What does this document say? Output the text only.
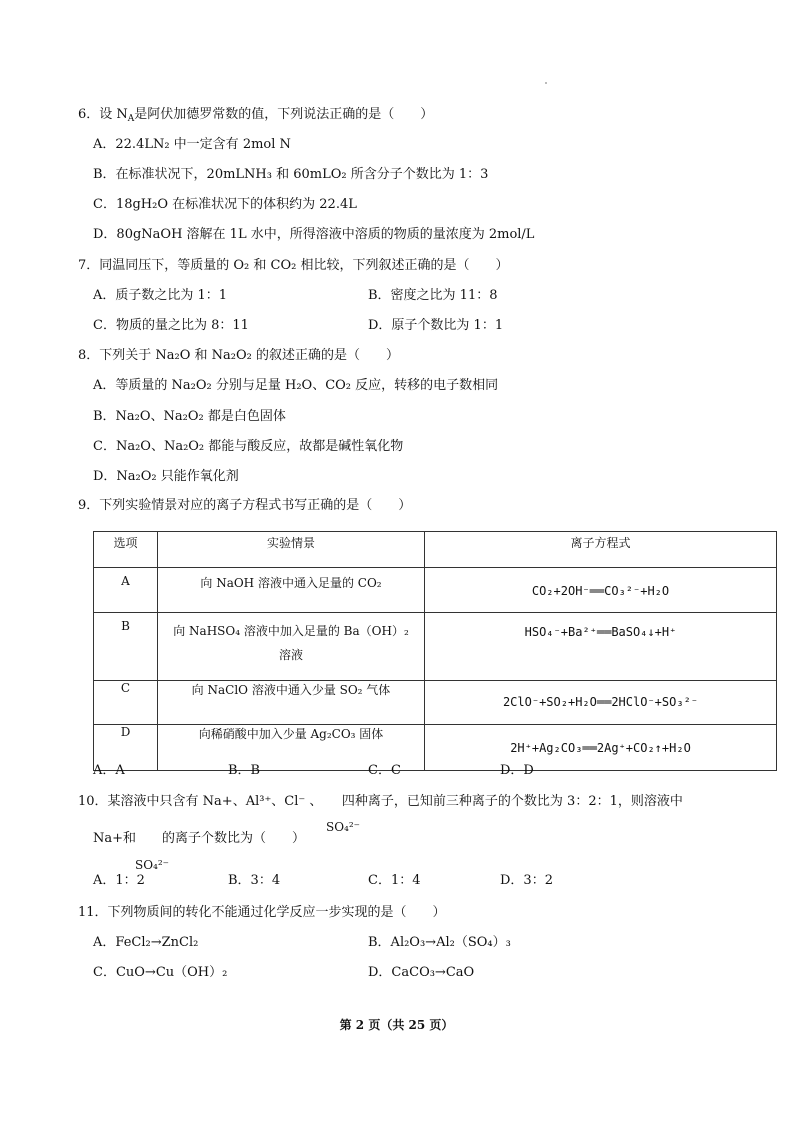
6．设 $N_A$是阿伏加德罗常数的值，下列说法正确的是（　　）
A．22.4LN₂ 中一定含有 2mol N
B．在标准状况下，20mLNH₃ 和 60mLO₂ 所含分子个数比为 1：3
C．18gH₂O 在标准状况下的体积约为 22.4L
D．80gNaOH 溶解在 1L 水中，所得溶液中溶质的物质的量浓度为 2mol/L
7．同温同压下，等质量的 O₂ 和 CO₂ 相比较，下列叙述正确的是（　　）
A．质子数之比为 1：1	B．密度之比为 11：8
C．物质的量之比为 8：11	D．原子个数比为 1：1
8．下列关于 Na₂O 和 Na₂O₂ 的叙述正确的是（　　）
A．等质量的 Na₂O₂ 分别与足量 H₂O、CO₂ 反应，转移的电子数相同
B．Na₂O、Na₂O₂ 都是白色固体
C．Na₂O、Na₂O₂ 都能与酸反应，故都是碱性氧化物
D．Na₂O₂ 只能作氧化剂
9．下列实验情景对应的离子方程式书写正确的是（　　）
选项	实验情景	离子方程式
A	向 NaOH 溶液中通入足量的 CO₂	CO₂+2OH⁻══CO₃²⁻+H₂O
B	向 NaHSO₄ 溶液中加入足量的 Ba（OH）₂
溶液	HSO₄⁻+Ba²⁺══BaSO₄↓+H⁺
C	向 NaClO 溶液中通入少量 SO₂ 气体	2ClO⁻+SO₂+H₂O══2HClO⁻+SO₃²⁻
D	向稀硝酸中加入少量 Ag₂CO₃ 固体	2H⁺+Ag₂CO₃══2Ag⁺+CO₂↑+H₂O
A．A	B．B	C．C	D．D
10．某溶液中只含有 Na+、Al³⁺、Cl⁻ 、　　四种离子，已知前三种离子的个数比为 3：2：1，则溶液中
SO₄²⁻
Na+和　　的离子个数比为（　　）
SO₄²⁻
A．1：2	B．3：4	C．1：4	D．3：2
11．下列物质间的转化不能通过化学反应一步实现的是（　　）
A．FeCl₂→ZnCl₂	B．Al₂O₃→Al₂（SO₄）₃
C．CuO→Cu（OH）₂	D．CaCO₃→CaO
第 2 页（共 25 页）
